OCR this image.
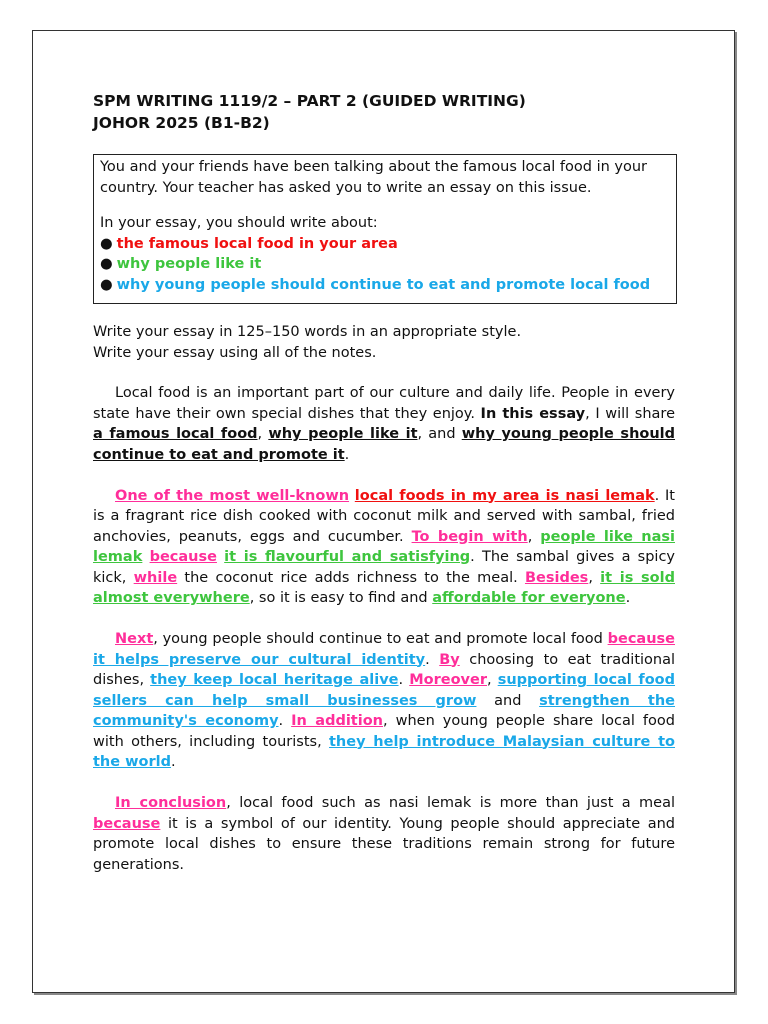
SPM WRITING 1119/2 – PART 2 (GUIDED WRITING)
JOHOR 2025 (B1-B2)

You and your friends have been talking about the famous local food in your country. Your teacher has asked you to write an essay on this issue.

In your essay, you should write about:

● the famous local food in your area
● why people like it
● why young people should continue to eat and promote local food

Write your essay in 125–150 words in an appropriate style.

Write your essay using all of the notes.

Local food is an important part of our culture and daily life. People in every state have their own special dishes that they enjoy. In this essay, I will share a famous local food, why people like it, and why young people should continue to eat and promote it.

One of the most well-known local foods in my area is nasi lemak. It is a fragrant rice dish cooked with coconut milk and served with sambal, fried anchovies, peanuts, eggs and cucumber. To begin with, people like nasi lemak because it is flavourful and satisfying. The sambal gives a spicy kick, while the coconut rice adds richness to the meal. Besides, it is sold almost everywhere, so it is easy to find and affordable for everyone.

Next, young people should continue to eat and promote local food because it helps preserve our cultural identity. By choosing to eat traditional dishes, they keep local heritage alive. Moreover, supporting local food sellers can help small businesses grow and strengthen the community's economy. In addition, when young people share local food with others, including tourists, they help introduce Malaysian culture to the world.

In conclusion, local food such as nasi lemak is more than just a meal because it is a symbol of our identity. Young people should appreciate and promote local dishes to ensure these traditions remain strong for future generations.
